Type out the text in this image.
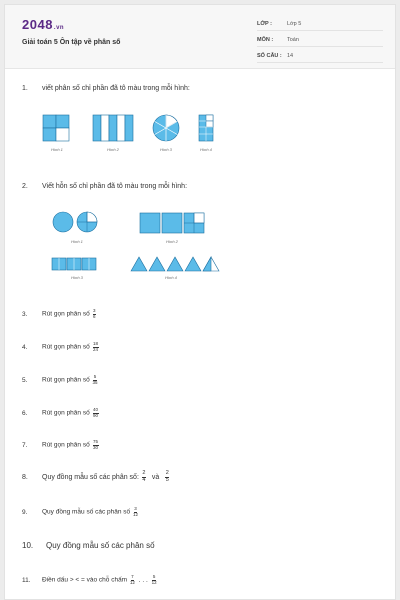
2048.vn
Giải toán 5 Ôn tập về phân số
LỚP :	Lớp 5
MÔN :	Toán
SỐ CÂU : 14
1. viết phân số chỉ phần đã tô màu trong mỗi hình:
Hình 1	Hình 2	Hình 3	Hình 4
2. Viết hỗn số chỉ phần đã tô màu trong mỗi hình:
Hình 1	Hình 2
Hình 3	Hình 4
3. Rút gọn phân số $\frac{3}{6}$
4. Rút gọn phân số $\frac{18}{24}$
5. Rút gọn phân số $\frac{5}{35}$
6. Rút gọn phân số $\frac{40}{90}$
7. Rút gọn phân số $\frac{75}{30}$
8. Quy đồng mẫu số các phân số: $\frac{2}{4}$ và $\frac{2}{5}$
9. Quy đồng mẫu số các phân số $\frac{3}{12}$
10. Quy đồng mẫu số các phân số
11. Điền dấu > < = vào chỗ chấm $\frac{7}{12}$ . . . $\frac{5}{12}$
